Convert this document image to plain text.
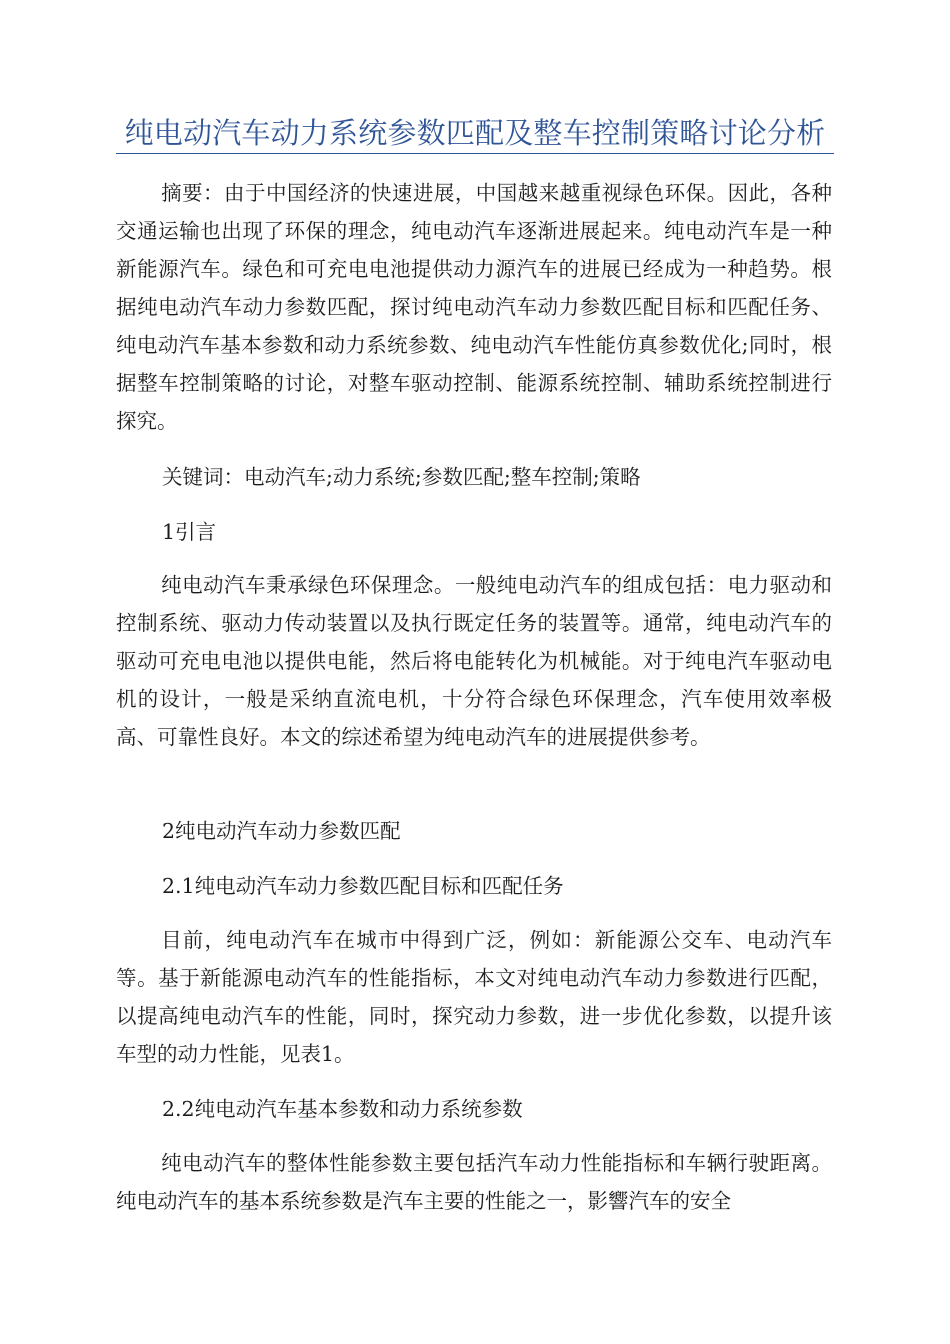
纯电动汽车动力系统参数匹配及整车控制策略讨论分析

摘要：由于中国经济的快速进展，中国越来越重视绿色环保。因此，各种交通运输也出现了环保的理念，纯电动汽车逐渐进展起来。纯电动汽车是一种新能源汽车。绿色和可充电电池提供动力源汽车的进展已经成为一种趋势。根据纯电动汽车动力参数匹配，探讨纯电动汽车动力参数匹配目标和匹配任务、纯电动汽车基本参数和动力系统参数、纯电动汽车性能仿真参数优化;同时，根据整车控制策略的讨论，对整车驱动控制、能源系统控制、辅助系统控制进行探究。

关键词：电动汽车;动力系统;参数匹配;整车控制;策略

1引言

纯电动汽车秉承绿色环保理念。一般纯电动汽车的组成包括：电力驱动和控制系统、驱动力传动装置以及执行既定任务的装置等。通常，纯电动汽车的驱动可充电电池以提供电能，然后将电能转化为机械能。对于纯电汽车驱动电机的设计，一般是采纳直流电机，十分符合绿色环保理念，汽车使用效率极高、可靠性良好。本文的综述希望为纯电动汽车的进展提供参考。

2纯电动汽车动力参数匹配

2.1纯电动汽车动力参数匹配目标和匹配任务

目前，纯电动汽车在城市中得到广泛，例如：新能源公交车、电动汽车等。基于新能源电动汽车的性能指标，本文对纯电动汽车动力参数进行匹配，以提高纯电动汽车的性能，同时，探究动力参数，进一步优化参数，以提升该车型的动力性能，见表1。

2.2纯电动汽车基本参数和动力系统参数

纯电动汽车的整体性能参数主要包括汽车动力性能指标和车辆行驶距离。纯电动汽车的基本系统参数是汽车主要的性能之一，影響汽车的安全
